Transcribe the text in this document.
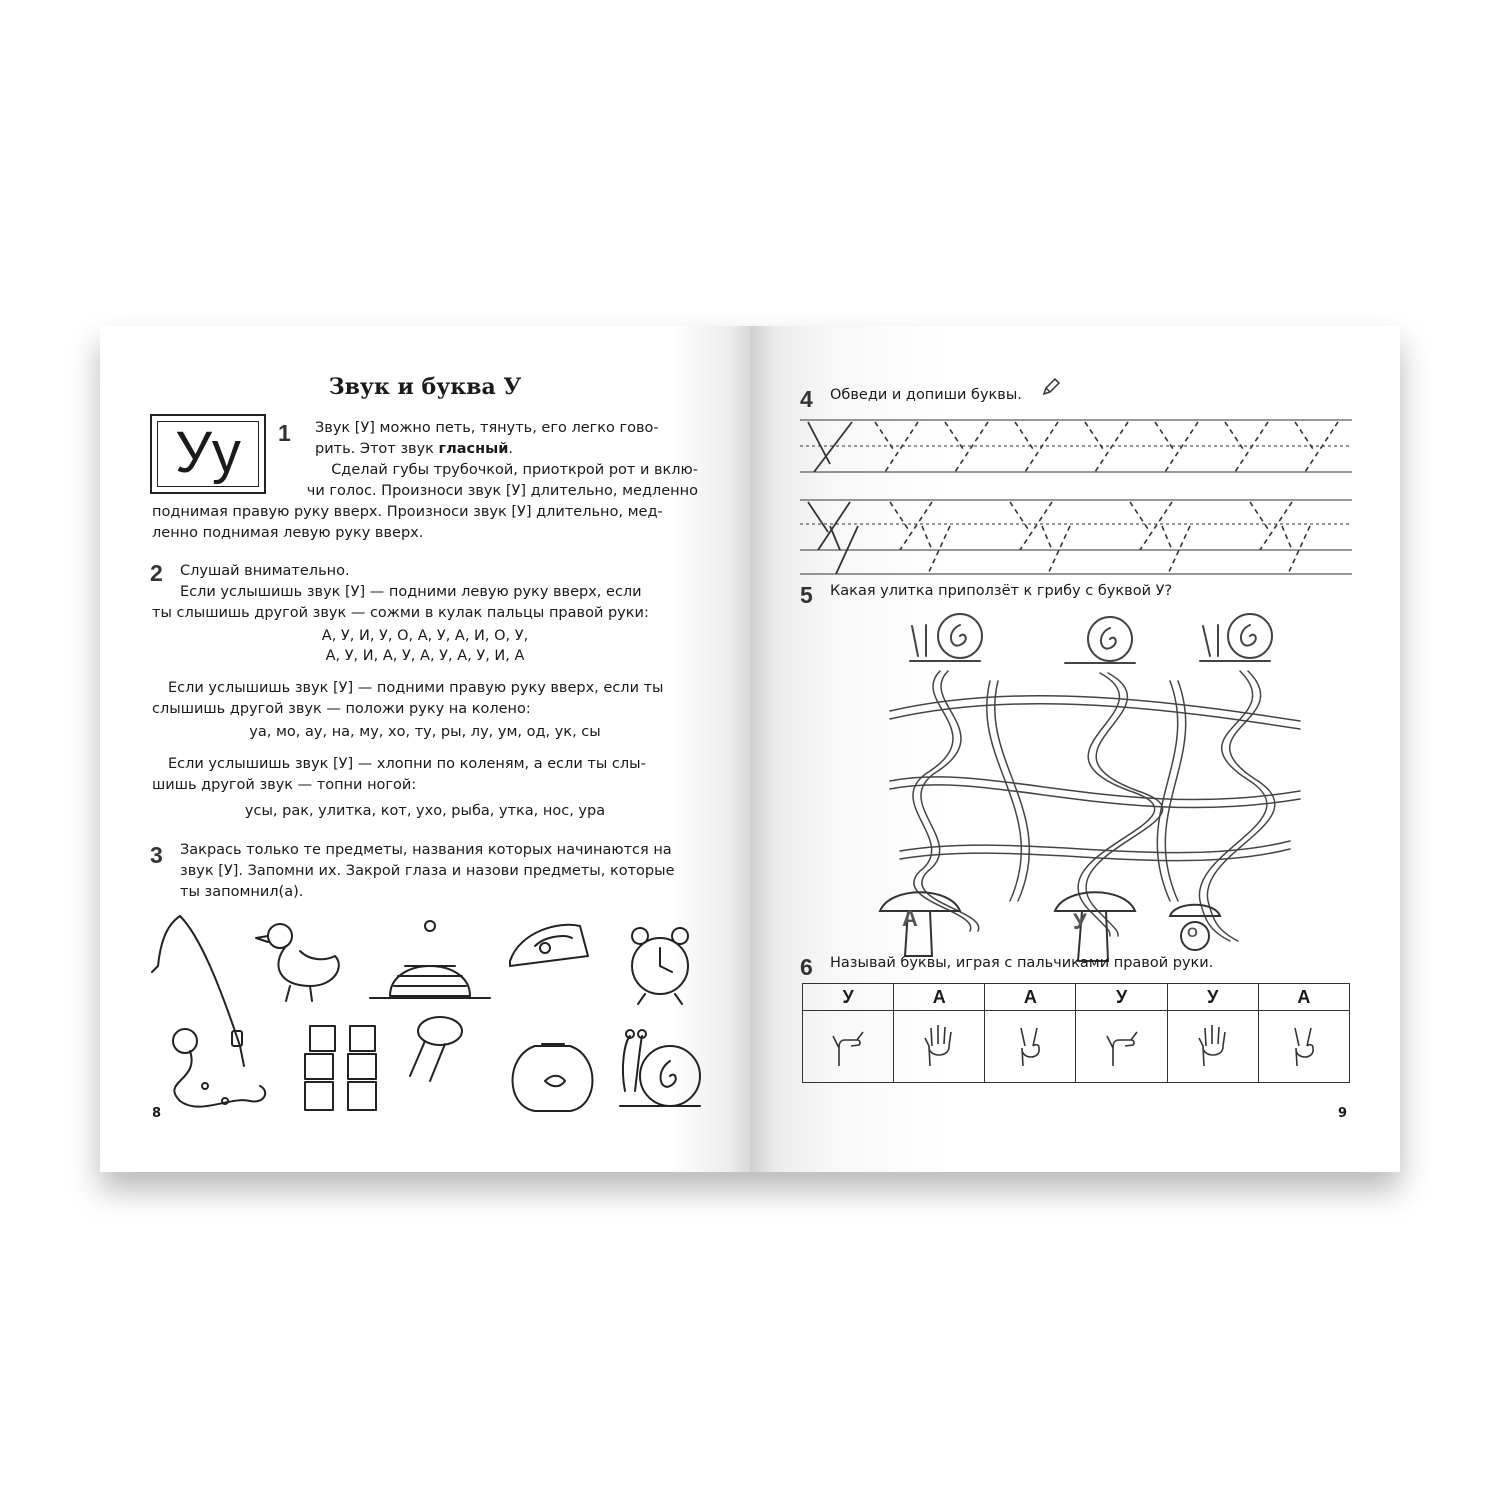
Звук и буква У
Уу 1 Звук [У] можно петь, тянуть, его легко гово-
рить. Этот звук гласный.
Сделай губы трубочкой, приоткрой рот и вклю-
чи голос. Произноси звук [У] длительно, медленно
поднимая правую руку вверх. Произноси звук [У] длительно, мед-
ленно поднимая левую руку вверх.
2 Слушай внимательно.
Если услышишь звук [У] — подними левую руку вверх, если
ты слышишь другой звук — сожми в кулак пальцы правой руки:
А, У, И, У, О, А, У, А, И, О, У,
А, У, И, А, У, А, У, А, У, И, А
Если услышишь звук [У] — подними правую руку вверх, если ты
слышишь другой звук — положи руку на колено:
уа, мо, ау, на, му, хо, ту, ры, лу, ум, од, ук, сы
Если услышишь звук [У] — хлопни по коленям, а если ты слы-
шишь другой звук — топни ногой:
усы, рак, улитка, кот, ухо, рыба, утка, нос, ура
3 Закрась только те предметы, названия которых начинаются на
звук [У]. Запомни их. Закрой глаза и назови предметы, которые
ты запомнил(а).
8
4 Обведи и допиши буквы.
5 Какая улитка приползёт к грибу с буквой У?
А	У	О
6 Называй буквы, играя с пальчиками правой руки.
9
У	А	А	У	У	А
